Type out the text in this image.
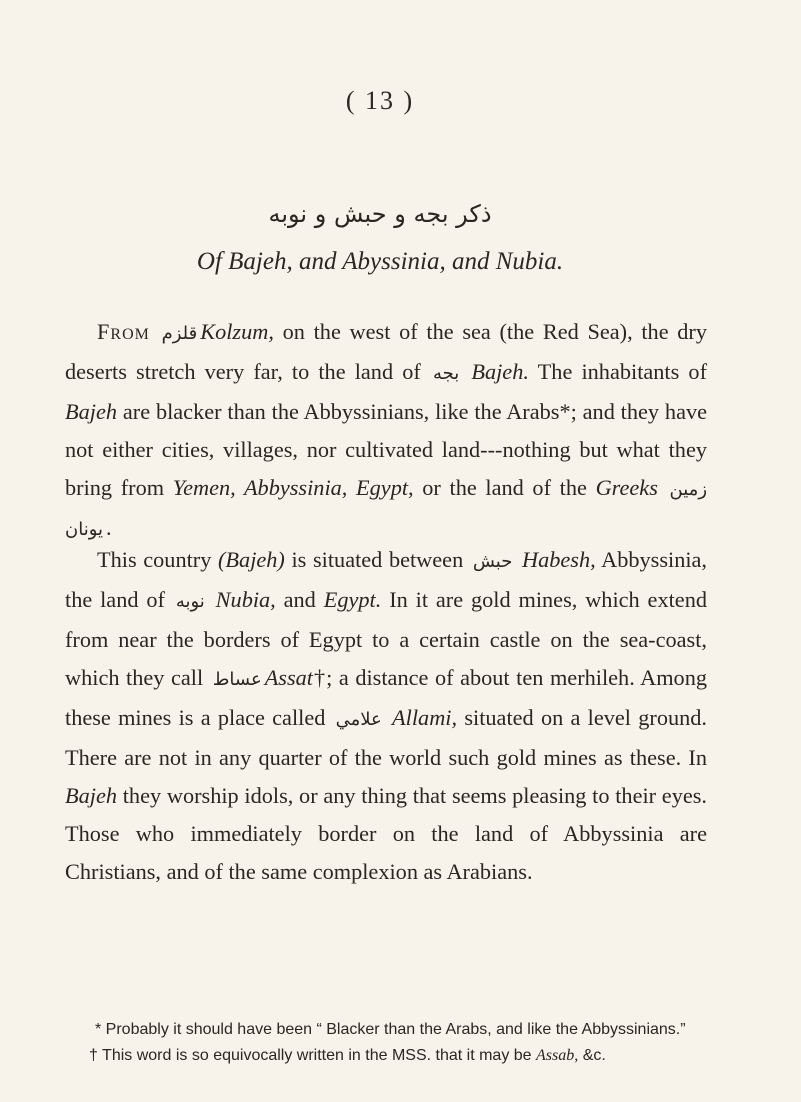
( 13 )
ذكر بجه و حبش و نوبه
Of Bajeh, and Abyssinia, and Nubia.

From قلزم Kolzum, on the west of the sea (the Red Sea), the dry deserts stretch very far, to the land of بجه Bajeh. The inhabitants of Bajeh are blacker than the Abbyssinians, like the Arabs*; and they have not either cities, villages, nor cultivated land---nothing but what they bring from Yemen, Abbyssinia, Egypt, or the land of the Greeks زمين يونان .

This country (Bajeh) is situated between حبش Habesh, Abbyssinia, the land of نوبه Nubia, and Egypt. In it are gold mines, which extend from near the borders of Egypt to a certain castle on the sea-coast, which they call عساط Assat†; a distance of about ten merhileh. Among these mines is a place called علامي Allami, situated on a level ground. There are not in any quarter of the world such gold mines as these. In Bajeh they worship idols, or any thing that seems pleasing to their eyes. Those who immediately border on the land of Abbyssinia are Christians, and of the same complexion as Arabians.

* Probably it should have been “ Blacker than the Arabs, and like the Abbyssinians.”

† This word is so equivocally written in the MSS. that it may be Assab, &c.
